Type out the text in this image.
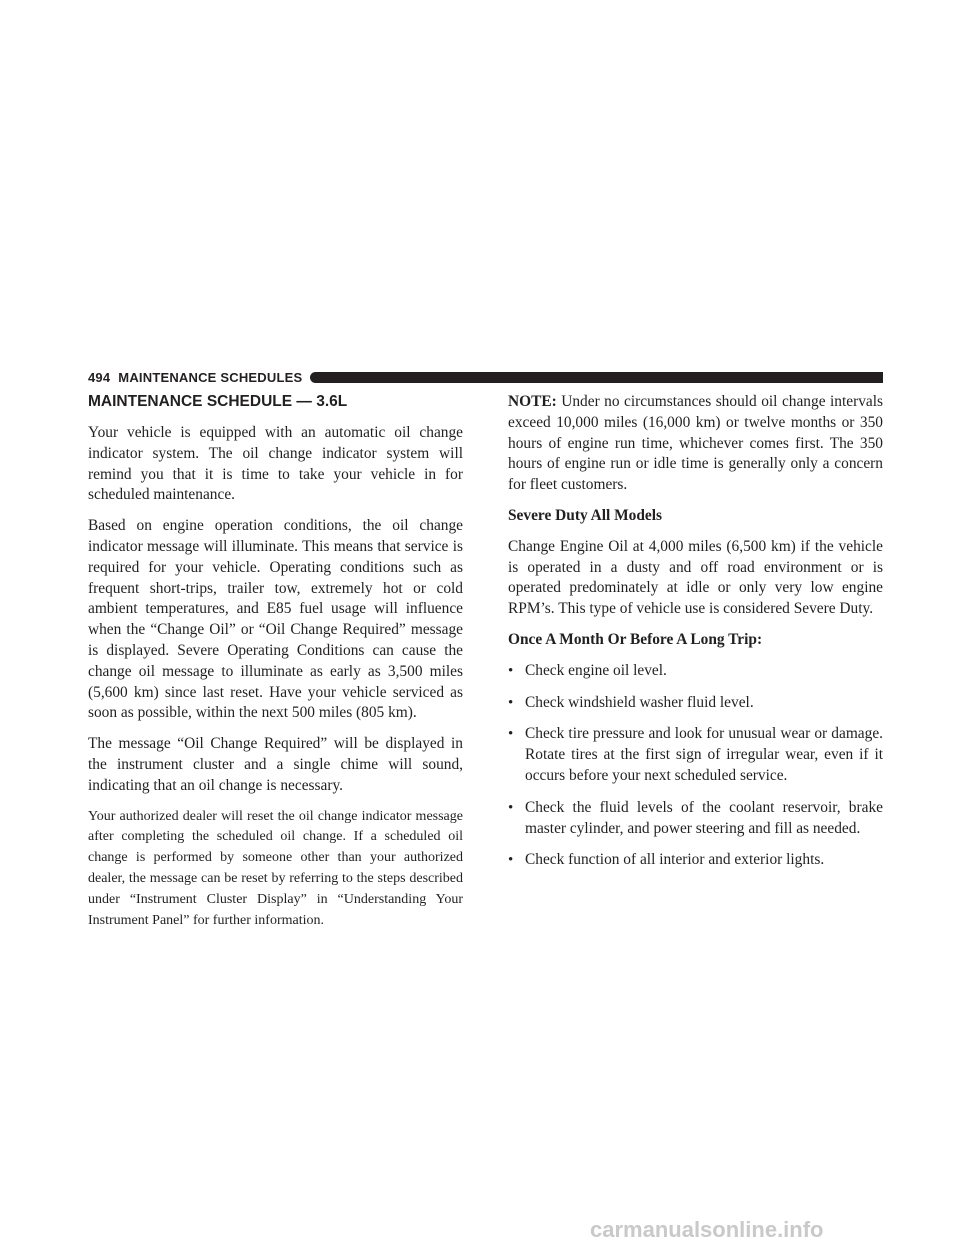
494 MAINTENANCE SCHEDULES
MAINTENANCE SCHEDULE — 3.6L

Your vehicle is equipped with an automatic oil change indicator system. The oil change indicator system will remind you that it is time to take your vehicle in for scheduled maintenance.

Based on engine operation conditions, the oil change indicator message will illuminate. This means that service is required for your vehicle. Operating conditions such as frequent short-trips, trailer tow, extremely hot or cold ambient temperatures, and E85 fuel usage will influence when the “Change Oil” or “Oil Change Required” message is displayed. Severe Operating Conditions can cause the change oil message to illuminate as early as 3,500 miles (5,600 km) since last reset. Have your vehicle serviced as soon as possible, within the next 500 miles (805 km).

The message “Oil Change Required” will be displayed in the instrument cluster and a single chime will sound, indicating that an oil change is necessary.

Your authorized dealer will reset the oil change indicator message after completing the scheduled oil change. If a scheduled oil change is performed by someone other than your authorized dealer, the message can be reset by referring to the steps described under “Instrument Cluster Display” in “Understanding Your Instrument Panel” for further information.

NOTE: Under no circumstances should oil change intervals exceed 10,000 miles (16,000 km) or twelve months or 350 hours of engine run time, whichever comes first. The 350 hours of engine run or idle time is generally only a concern for fleet customers.

Severe Duty All Models

Change Engine Oil at 4,000 miles (6,500 km) if the vehicle is operated in a dusty and off road environment or is operated predominately at idle or only very low engine RPM’s. This type of vehicle use is considered Severe Duty.

Once A Month Or Before A Long Trip:
• Check engine oil level.
• Check windshield washer fluid level.
• Check tire pressure and look for unusual wear or damage. Rotate tires at the first sign of irregular wear, even if it occurs before your next scheduled service.
• Check the fluid levels of the coolant reservoir, brake master cylinder, and power steering and fill as needed.
• Check function of all interior and exterior lights.
carmanualsonline.info
